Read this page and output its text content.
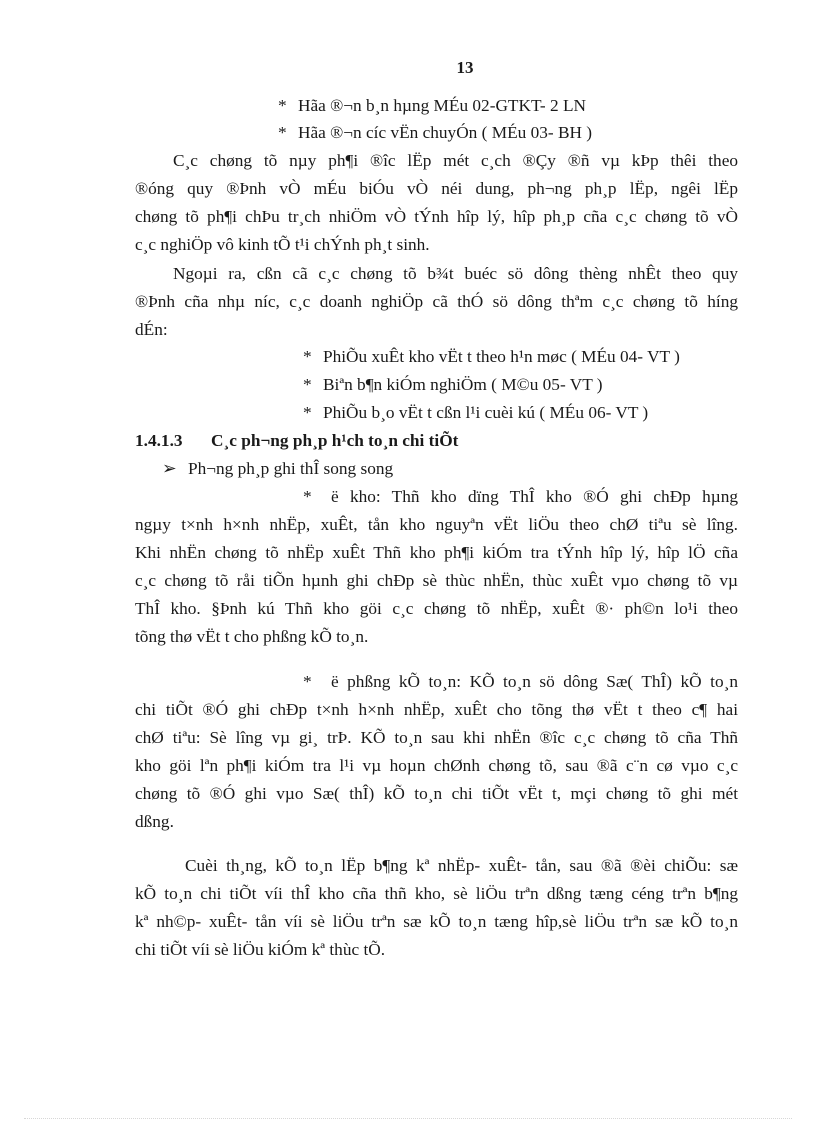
13
* Hãa ®¬n b¸n hµng MÉu 02-GTKT- 2 LN
* Hãa ®¬n cíc vËn chuyÓn ( MÉu 03- BH )
C¸c chøng tõ nµy ph¶i ®îc lËp mét c¸ch ®Çy ®ñ vµ kÞp thêi theo
®óng quy ®Þnh vÒ mÉu biÓu vÒ néi dung, ph¬ng ph¸p lËp, ngêi lËp
chøng tõ ph¶i chÞu tr¸ch nhiÖm vÒ tÝnh hîp lý, hîp ph¸p cña c¸c chøng tõ vÒ
c¸c nghiÖp vô kinh tÕ t¹i chÝnh ph¸t sinh.
Ngoµi ra, cßn cã c¸c chøng tõ b¾t buéc sö dông thèng nhÊt theo quy
®Þnh cña nhµ níc, c¸c doanh nghiÖp cã thÓ sö dông thªm c¸c chøng tõ híng
dÉn:
* PhiÕu xuÊt kho vËt t theo h¹n møc ( MÉu 04- VT )
* Biªn b¶n kiÓm nghiÖm ( M©u 05- VT )
* PhiÕu b¸o vËt t cßn l¹i cuèi kú ( MÉu 06- VT )
1.4.1.3 C¸c ph¬ng ph¸p h¹ch to¸n chi tiÕt
➢ Ph¬ng ph¸p ghi thÎ song song
* ë kho: Thñ kho dïng ThÎ kho ®Ó ghi chÐp hµng
ngµy t×nh h×nh nhËp, xuÊt, tån kho nguyªn vËt liÖu theo chØ tiªu sè lîng.
Khi nhËn chøng tõ nhËp xuÊt Thñ kho ph¶i kiÓm tra tÝnh hîp lý, hîp lÖ cña
c¸c chøng tõ råi tiÕn hµnh ghi chÐp sè thùc nhËn, thùc xuÊt vµo chøng tõ vµ
ThÎ kho. §Þnh kú Thñ kho göi c¸c chøng tõ nhËp, xuÊt ®· ph©n lo¹i theo
tõng thø vËt t cho phßng kÕ to¸n.
* ë phßng kÕ to¸n: KÕ to¸n sö dông Sæ( ThÎ) kÕ to¸n
chi tiÕt ®Ó ghi chÐp t×nh h×nh nhËp, xuÊt cho tõng thø vËt t theo c¶ hai
chØ tiªu: Sè lîng vµ gi¸ trÞ. KÕ to¸n sau khi nhËn ®îc c¸c chøng tõ cña Thñ
kho göi lªn ph¶i kiÓm tra l¹i vµ hoµn chØnh chøng tõ, sau ®ã c¨n cø vµo c¸c
chøng tõ ®Ó ghi vµo Sæ( thÎ) kÕ to¸n chi tiÕt vËt t, mçi chøng tõ ghi mét
dßng.
Cuèi th¸ng, kÕ to¸n lËp b¶ng kª nhËp- xuÊt- tån, sau ®ã ®èi chiÕu: sæ
kÕ to¸n chi tiÕt víi thÎ kho cña thñ kho, sè liÖu trªn dßng tæng céng trªn b¶ng
kª nh©p- xuÊt- tån víi sè liÖu trªn sæ kÕ to¸n tæng hîp,sè liÖu trªn sæ kÕ to¸n
chi tiÕt víi sè liÖu kiÓm kª thùc tÕ.
